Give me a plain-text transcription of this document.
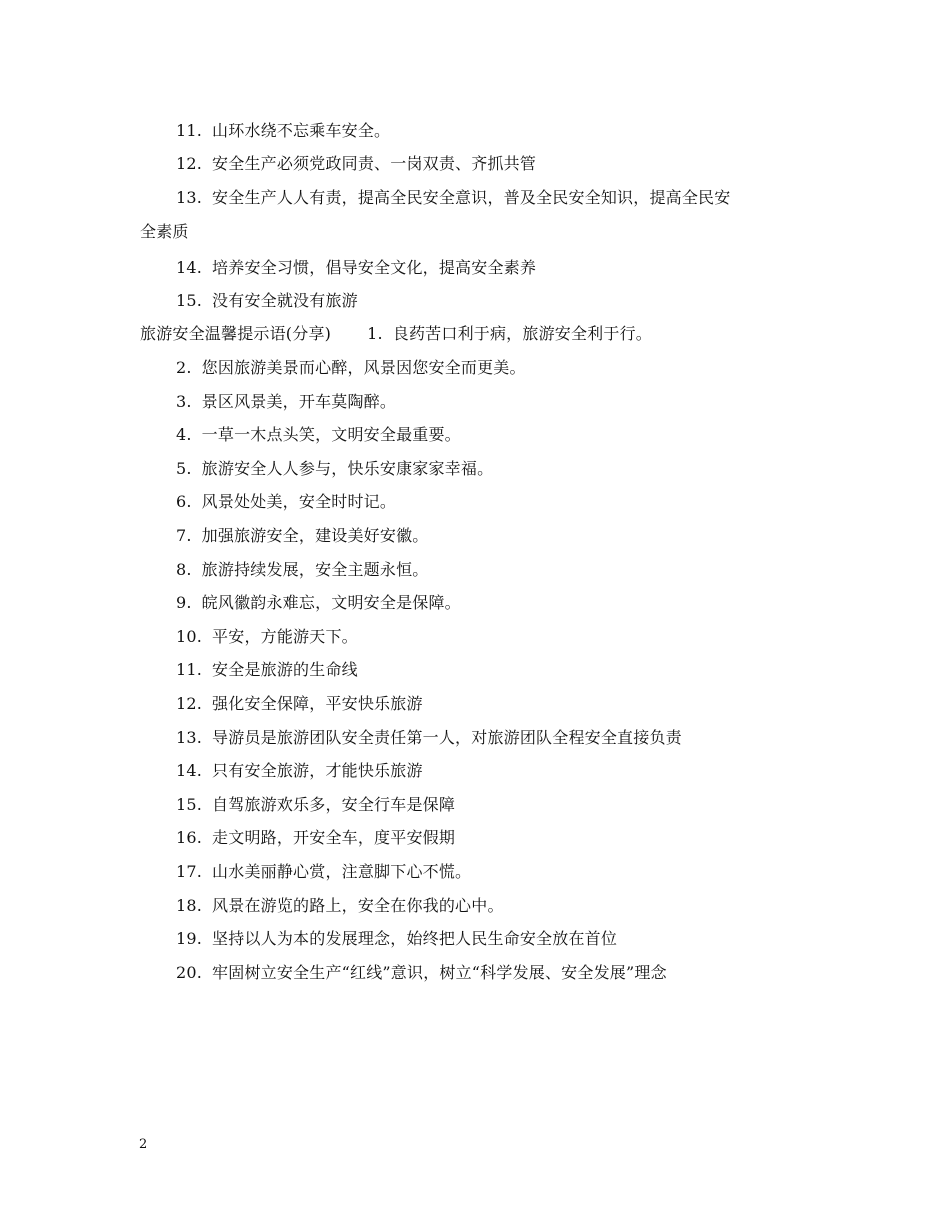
11. 山环水绕不忘乘车安全。
12. 安全生产必须党政同责、一岗双责、齐抓共管
13. 安全生产人人有责，提高全民安全意识，普及全民安全知识，提高全民安
全素质
14. 培养安全习惯，倡导安全文化，提高安全素养
15. 没有安全就没有旅游
旅游安全温馨提示语(分享) 1. 良药苦口利于病，旅游安全利于行。
2. 您因旅游美景而心醉，风景因您安全而更美。
3. 景区风景美，开车莫陶醉。
4. 一草一木点头笑，文明安全最重要。
5. 旅游安全人人参与，快乐安康家家幸福。
6. 风景处处美，安全时时记。
7. 加强旅游安全，建设美好安徽。
8. 旅游持续发展，安全主题永恒。
9. 皖风徽韵永难忘，文明安全是保障。
10. 平安，方能游天下。
11. 安全是旅游的生命线
12. 强化安全保障，平安快乐旅游
13. 导游员是旅游团队安全责任第一人，对旅游团队全程安全直接负责
14. 只有安全旅游，才能快乐旅游
15. 自驾旅游欢乐多，安全行车是保障
16. 走文明路，开安全车，度平安假期
17. 山水美丽静心赏，注意脚下心不慌。
18. 风景在游览的路上，安全在你我的心中。
19. 坚持以人为本的发展理念，始终把人民生命安全放在首位
20. 牢固树立安全生产“红线”意识，树立“科学发展、安全发展”理念
2
